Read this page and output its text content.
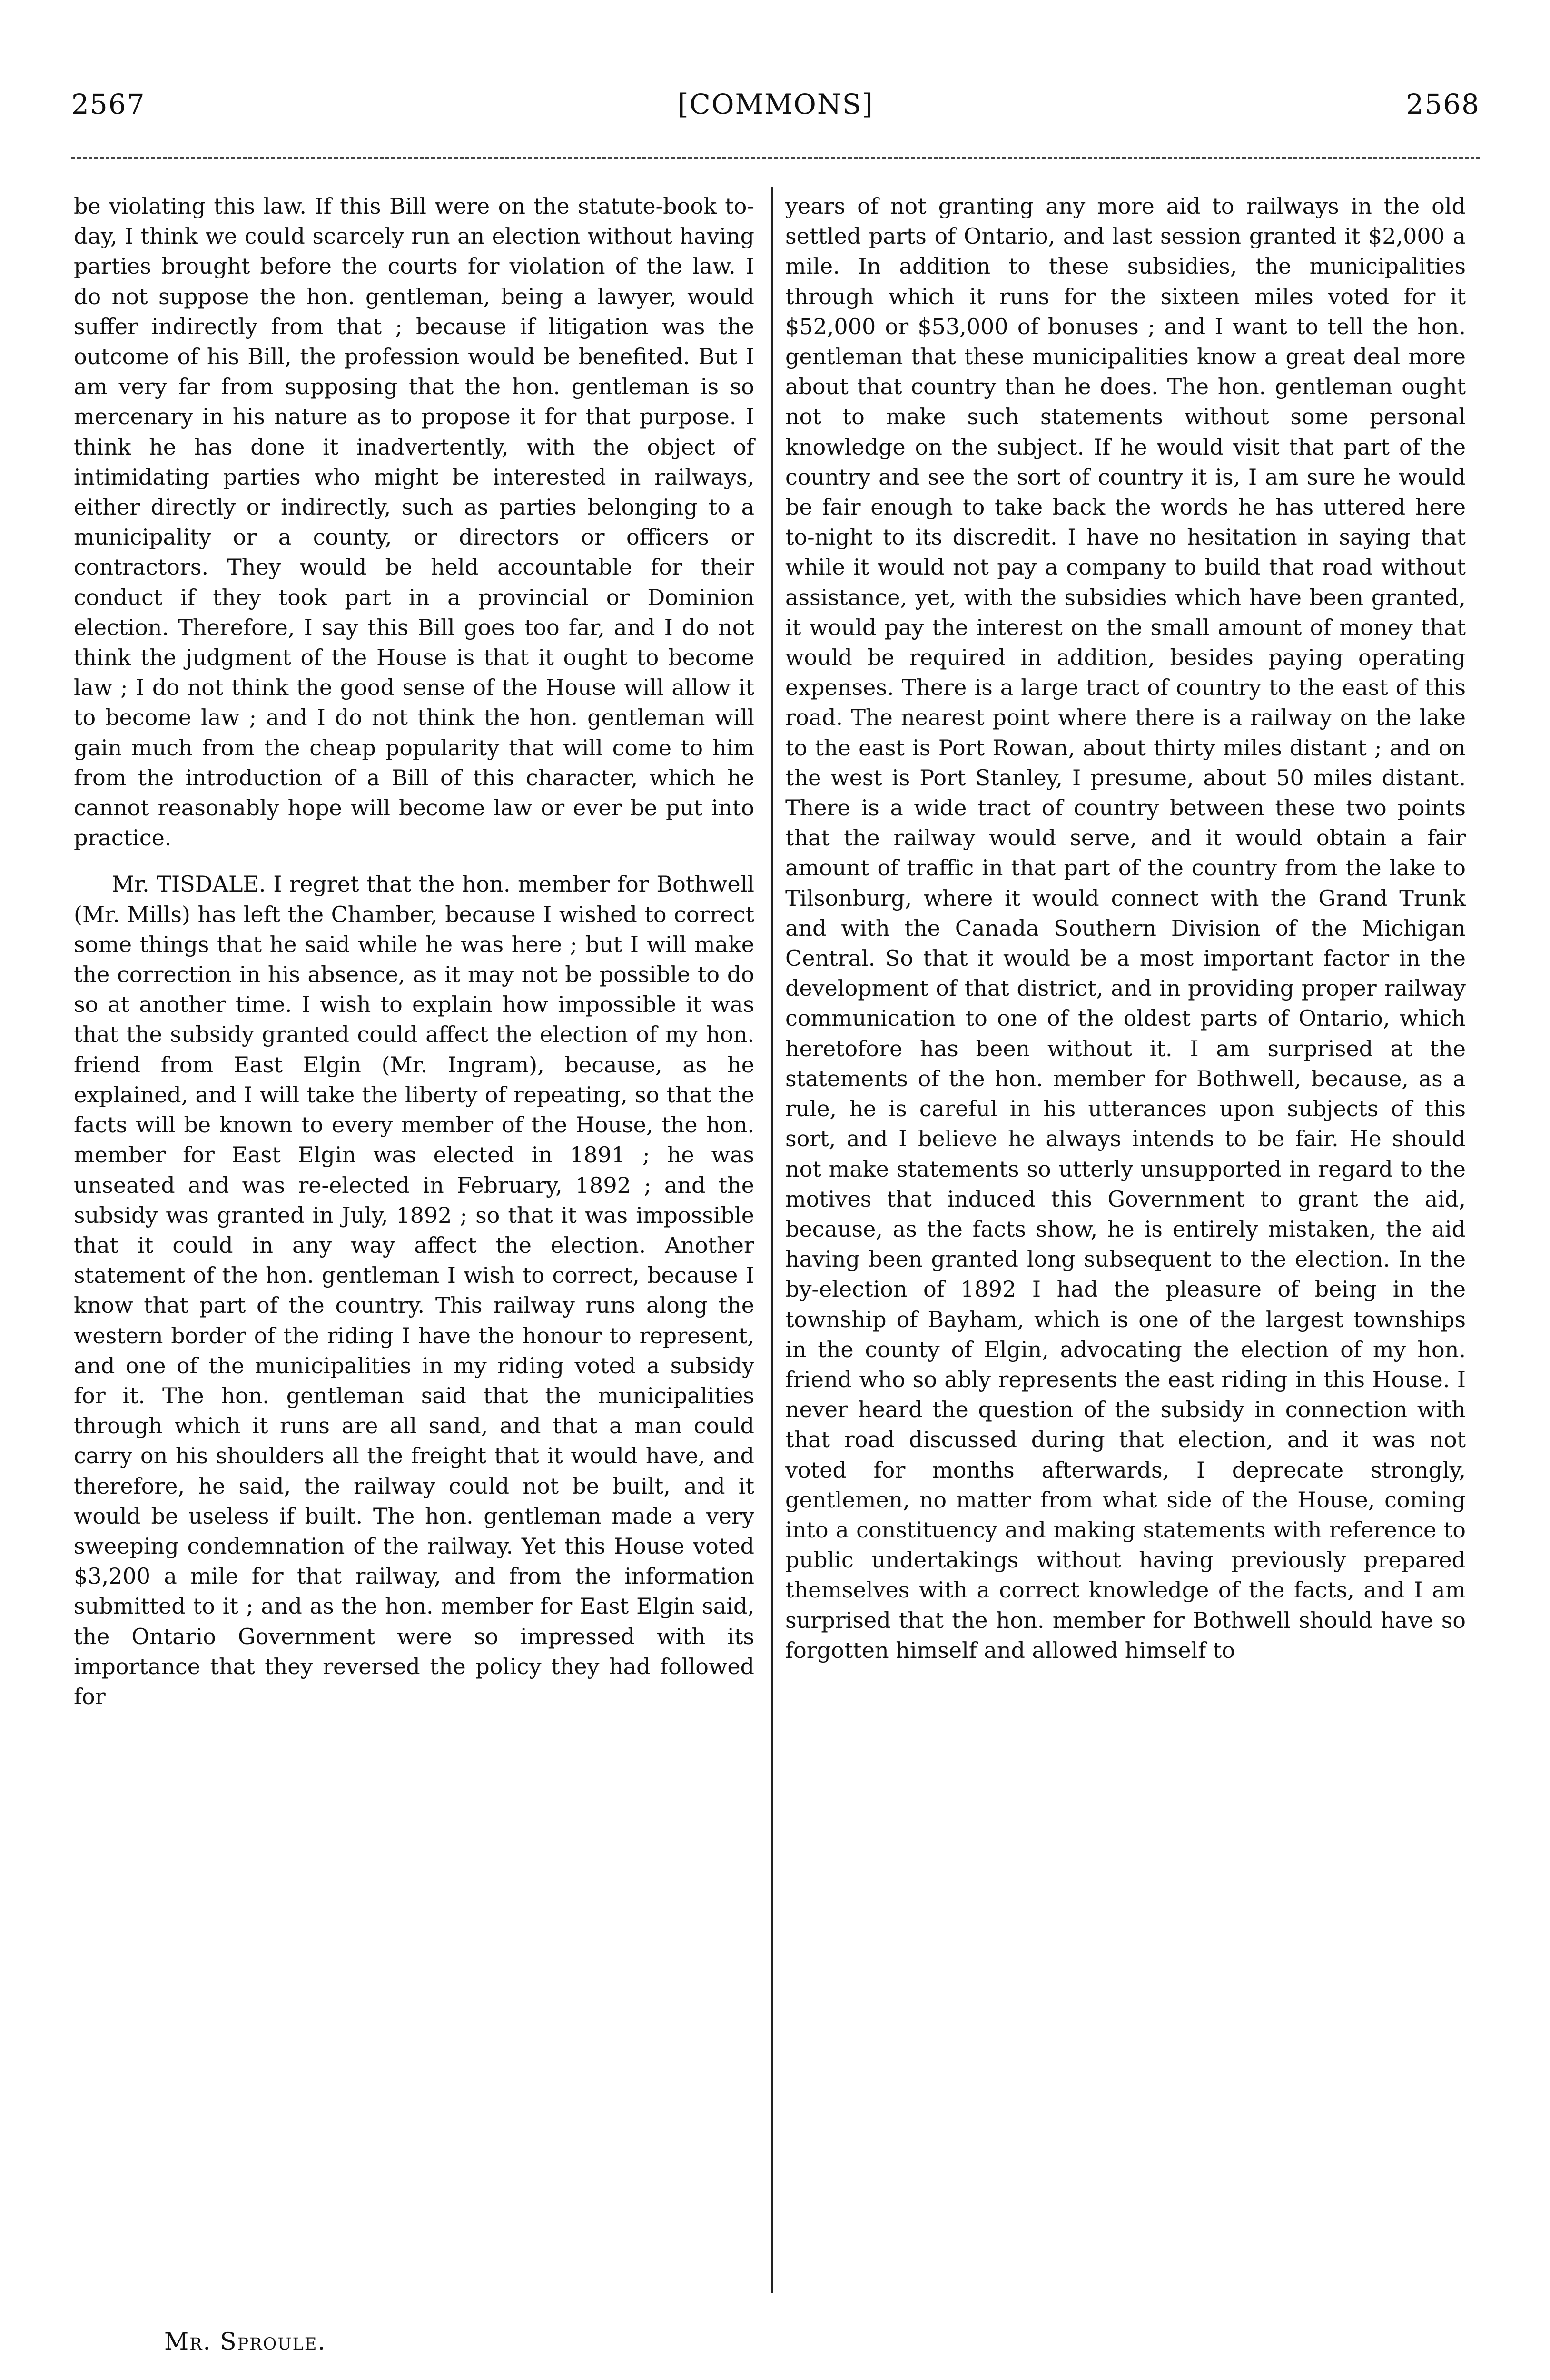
2567	[COMMONS]	2568

be violating this law. If this Bill were on the statute-book to-day, I think we could scarcely run an election without having parties brought before the courts for violation of the law. I do not suppose the hon. gentleman, being a lawyer, would suffer indirectly from that ; because if litigation was the outcome of his Bill, the profession would be benefited. But I am very far from supposing that the hon. gentleman is so mercenary in his nature as to propose it for that purpose. I think he has done it inadvertently, with the object of intimidating parties who might be interested in railways, either directly or indirectly, such as parties belonging to a municipality or a county, or directors or officers or contractors. They would be held accountable for their conduct if they took part in a provincial or Dominion election. Therefore, I say this Bill goes too far, and I do not think the judgment of the House is that it ought to become law ; I do not think the good sense of the House will allow it to become law ; and I do not think the hon. gentleman will gain much from the cheap popularity that will come to him from the introduction of a Bill of this character, which he cannot reasonably hope will become law or ever be put into practice.

Mr. TISDALE. I regret that the hon. member for Bothwell (Mr. Mills) has left the Chamber, because I wished to correct some things that he said while he was here ; but I will make the correction in his absence, as it may not be possible to do so at another time. I wish to explain how impossible it was that the subsidy granted could affect the election of my hon. friend from East Elgin (Mr. Ingram), because, as he explained, and I will take the liberty of repeating, so that the facts will be known to every member of the House, the hon. member for East Elgin was elected in 1891 ; he was unseated and was re-elected in February, 1892 ; and the subsidy was granted in July, 1892 ; so that it was impossible that it could in any way affect the election. Another statement of the hon. gentleman I wish to correct, because I know that part of the country. This railway runs along the western border of the riding I have the honour to represent, and one of the municipalities in my riding voted a subsidy for it. The hon. gentleman said that the municipalities through which it runs are all sand, and that a man could carry on his shoulders all the freight that it would have, and therefore, he said, the railway could not be built, and it would be useless if built. The hon. gentleman made a very sweeping condemnation of the railway. Yet this House voted $3,200 a mile for that railway, and from the information submitted to it ; and as the hon. member for East Elgin said, the Ontario Government were so impressed with its importance that they reversed the policy they had followed for

years of not granting any more aid to railways in the old settled parts of Ontario, and last session granted it $2,000 a mile. In addition to these subsidies, the municipalities through which it runs for the sixteen miles voted for it $52,000 or $53,000 of bonuses ; and I want to tell the hon. gentleman that these municipalities know a great deal more about that country than he does. The hon. gentleman ought not to make such statements without some personal knowledge on the subject. If he would visit that part of the country and see the sort of country it is, I am sure he would be fair enough to take back the words he has uttered here to-night to its discredit. I have no hesitation in saying that while it would not pay a company to build that road without assistance, yet, with the subsidies which have been granted, it would pay the interest on the small amount of money that would be required in addition, besides paying operating expenses. There is a large tract of country to the east of this road. The nearest point where there is a railway on the lake to the east is Port Rowan, about thirty miles distant ; and on the west is Port Stanley, I presume, about 50 miles distant. There is a wide tract of country between these two points that the railway would serve, and it would obtain a fair amount of traffic in that part of the country from the lake to Tilsonburg, where it would connect with the Grand Trunk and with the Canada Southern Division of the Michigan Central. So that it would be a most important factor in the development of that district, and in providing proper railway communication to one of the oldest parts of Ontario, which heretofore has been without it. I am surprised at the statements of the hon. member for Bothwell, because, as a rule, he is careful in his utterances upon subjects of this sort, and I believe he always intends to be fair. He should not make statements so utterly unsupported in regard to the motives that induced this Government to grant the aid, because, as the facts show, he is entirely mistaken, the aid having been granted long subsequent to the election. In the by-election of 1892 I had the pleasure of being in the township of Bayham, which is one of the largest townships in the county of Elgin, advocating the election of my hon. friend who so ably represents the east riding in this House. I never heard the question of the subsidy in connection with that road discussed during that election, and it was not voted for months afterwards, I deprecate strongly, gentlemen, no matter from what side of the House, coming into a constituency and making statements with reference to public undertakings without having previously prepared themselves with a correct knowledge of the facts, and I am surprised that the hon. member for Bothwell should have so forgotten himself and allowed himself to

Mr. Sproule.
